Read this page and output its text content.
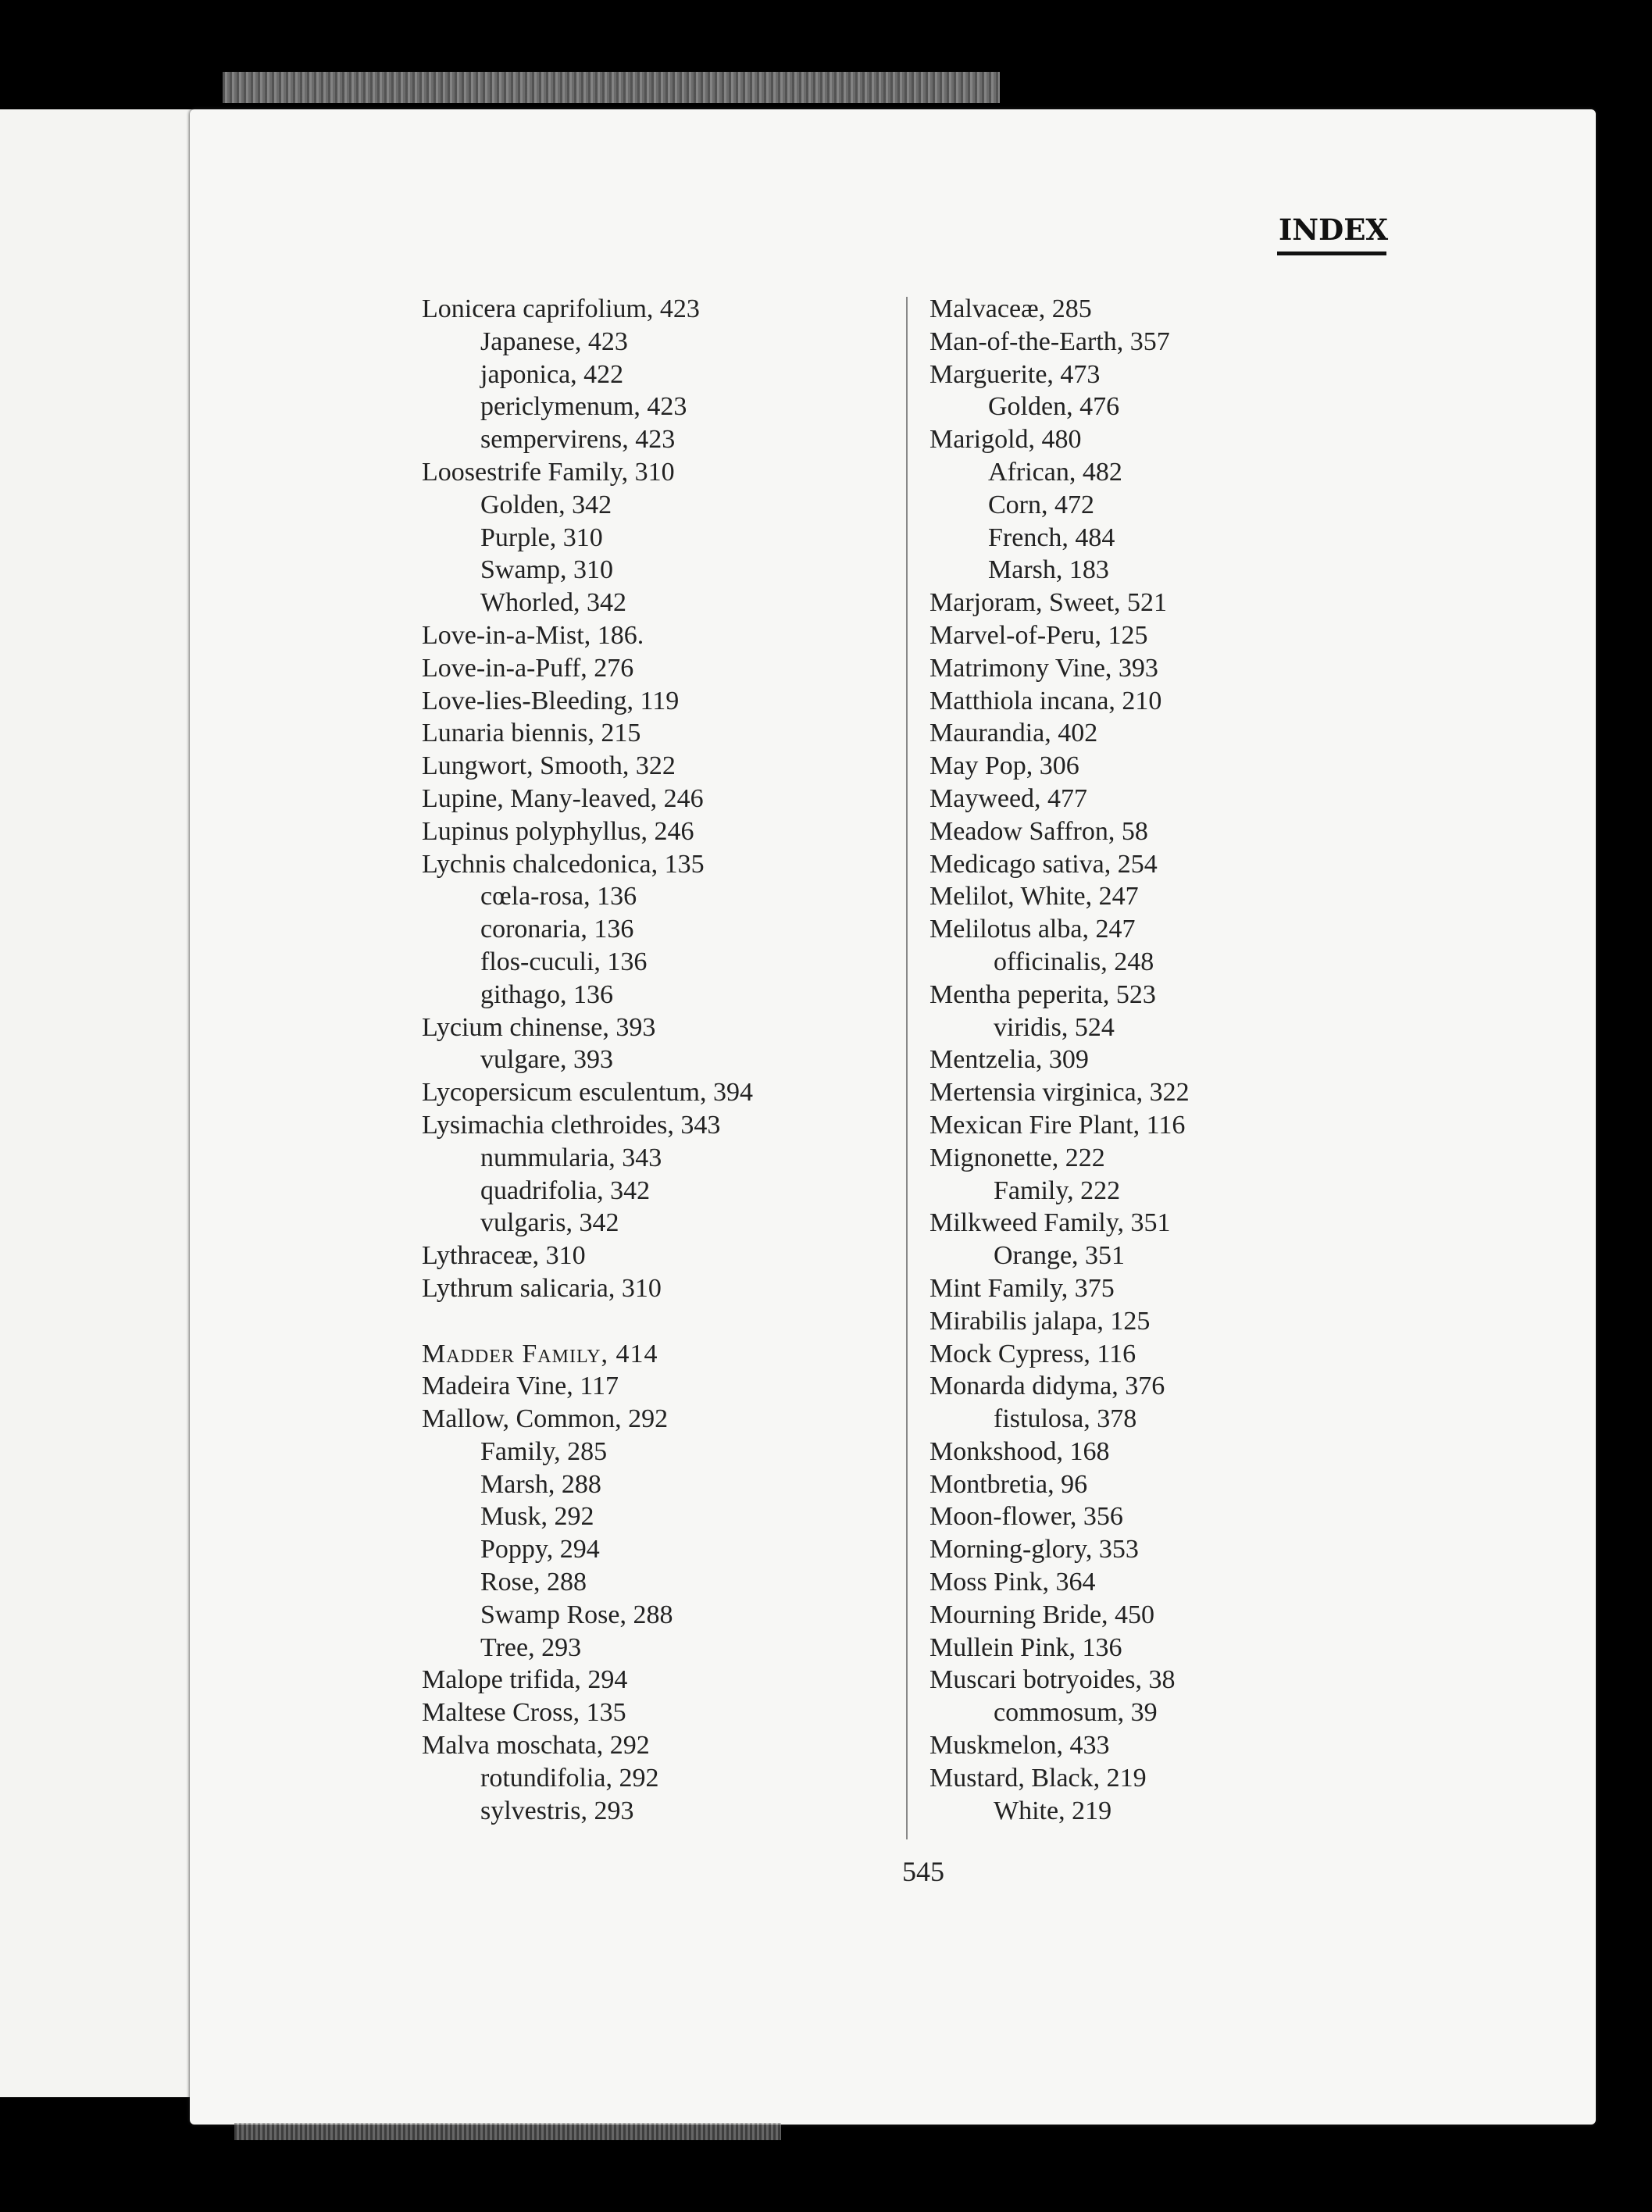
INDEX
Lonicera caprifolium, 423
Japanese, 423
japonica, 422
periclymenum, 423
sempervirens, 423
Loosestrife Family, 310
Golden, 342
Purple, 310
Swamp, 310
Whorled, 342
Love-in-a-Mist, 186.
Love-in-a-Puff, 276
Love-lies-Bleeding, 119
Lunaria biennis, 215
Lungwort, Smooth, 322
Lupine, Many-leaved, 246
Lupinus polyphyllus, 246
Lychnis chalcedonica, 135
cœla-rosa, 136
coronaria, 136
flos-cuculi, 136
githago, 136
Lycium chinense, 393
vulgare, 393
Lycopersicum esculentum, 394
Lysimachia clethroides, 343
nummularia, 343
quadrifolia, 342
vulgaris, 342
Lythraceæ, 310
Lythrum salicaria, 310
Madder Family, 414
Madeira Vine, 117
Mallow, Common, 292
Family, 285
Marsh, 288
Musk, 292
Poppy, 294
Rose, 288
Swamp Rose, 288
Tree, 293
Malope trifida, 294
Maltese Cross, 135
Malva moschata, 292
rotundifolia, 292
sylvestris, 293
Malvaceæ, 285
Man-of-the-Earth, 357
Marguerite, 473
Golden, 476
Marigold, 480
African, 482
Corn, 472
French, 484
Marsh, 183
Marjoram, Sweet, 521
Marvel-of-Peru, 125
Matrimony Vine, 393
Matthiola incana, 210
Maurandia, 402
May Pop, 306
Mayweed, 477
Meadow Saffron, 58
Medicago sativa, 254
Melilot, White, 247
Melilotus alba, 247
officinalis, 248
Mentha peperita, 523
viridis, 524
Mentzelia, 309
Mertensia virginica, 322
Mexican Fire Plant, 116
Mignonette, 222
Family, 222
Milkweed Family, 351
Orange, 351
Mint Family, 375
Mirabilis jalapa, 125
Mock Cypress, 116
Monarda didyma, 376
fistulosa, 378
Monkshood, 168
Montbretia, 96
Moon-flower, 356
Morning-glory, 353
Moss Pink, 364
Mourning Bride, 450
Mullein Pink, 136
Muscari botryoides, 38
commosum, 39
Muskmelon, 433
Mustard, Black, 219
White, 219
545
